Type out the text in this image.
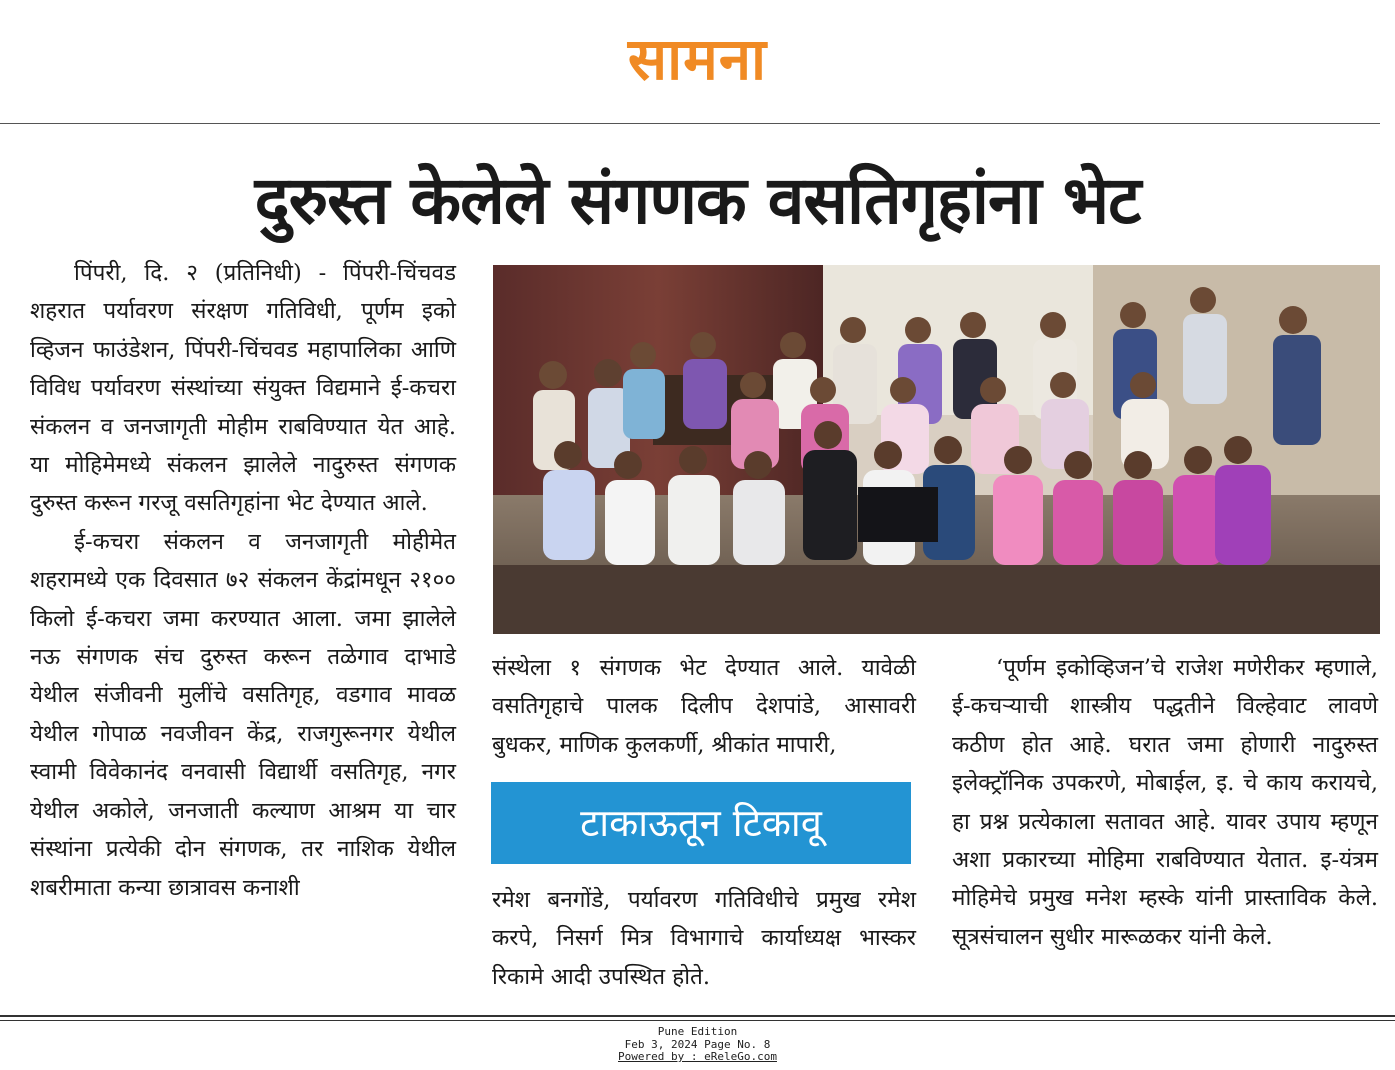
सामना
दुरुस्त केलेले संगणक वसतिगृहांना भेट

पिंपरी, दि. २ (प्रतिनिधी) - पिंपरी-चिंचवड शहरात पर्यावरण संरक्षण गतिविधी, पूर्णम इको व्हिजन फाउंडेशन, पिंपरी-चिंचवड महापालिका आणि विविध पर्यावरण संस्थांच्या संयुक्त विद्यमाने ई-कचरा संकलन व जनजागृती मोहीम राबविण्यात येत आहे. या मोहिमेमध्ये संकलन झालेले नादुरुस्त संगणक दुरुस्त करून गरजू वसतिगृहांना भेट देण्यात आले.

ई-कचरा संकलन व जनजागृती मोहीमेत शहरामध्ये एक दिवसात ७२ संकलन केंद्रांमधून २१०० किलो ई-कचरा जमा करण्यात आला. जमा झालेले नऊ संगणक संच दुरुस्त करून तळेगाव दाभाडे येथील संजीवनी मुलींचे वसतिगृह, वडगाव मावळ येथील गोपाळ नवजीवन केंद्र, राजगुरूनगर येथील स्वामी विवेकानंद वनवासी विद्यार्थी वसतिगृह, नगर येथील अकोले, जनजाती कल्याण आश्रम या चार संस्थांना प्रत्येकी दोन संगणक, तर नाशिक येथील शबरीमाता कन्या छात्रावस कनाशी

संस्थेला १ संगणक भेट देण्यात आले. यावेळी वसतिगृहाचे पालक दिलीप देशपांडे, आसावरी बुधकर, माणिक कुलकर्णी, श्रीकांत मापारी,

टाकाऊतून टिकावू

रमेश बनगोंडे, पर्यावरण गतिविधीचे प्रमुख रमेश करपे, निसर्ग मित्र विभागाचे कार्याध्यक्ष भास्कर रिकामे आदी उपस्थित होते.

‘पूर्णम इकोव्हिजन’चे राजेश मणेरीकर म्हणाले, ई-कचऱ्याची शास्त्रीय पद्धतीने विल्हेवाट लावणे कठीण होत आहे. घरात जमा होणारी नादुरुस्त इलेक्ट्रॉनिक उपकरणे, मोबाईल, इ. चे काय करायचे, हा प्रश्न प्रत्येकाला सतावत आहे. यावर उपाय म्हणून अशा प्रकारच्या मोहिमा राबविण्यात येतात. इ-यंत्रम मोहिमेचे प्रमुख मनेश म्हस्के यांनी प्रास्ताविक केले. सूत्रसंचालन सुधीर मारूळकर यांनी केले.

Pune Edition
Feb 3, 2024 Page No. 8
Powered by : eReleGo.com
